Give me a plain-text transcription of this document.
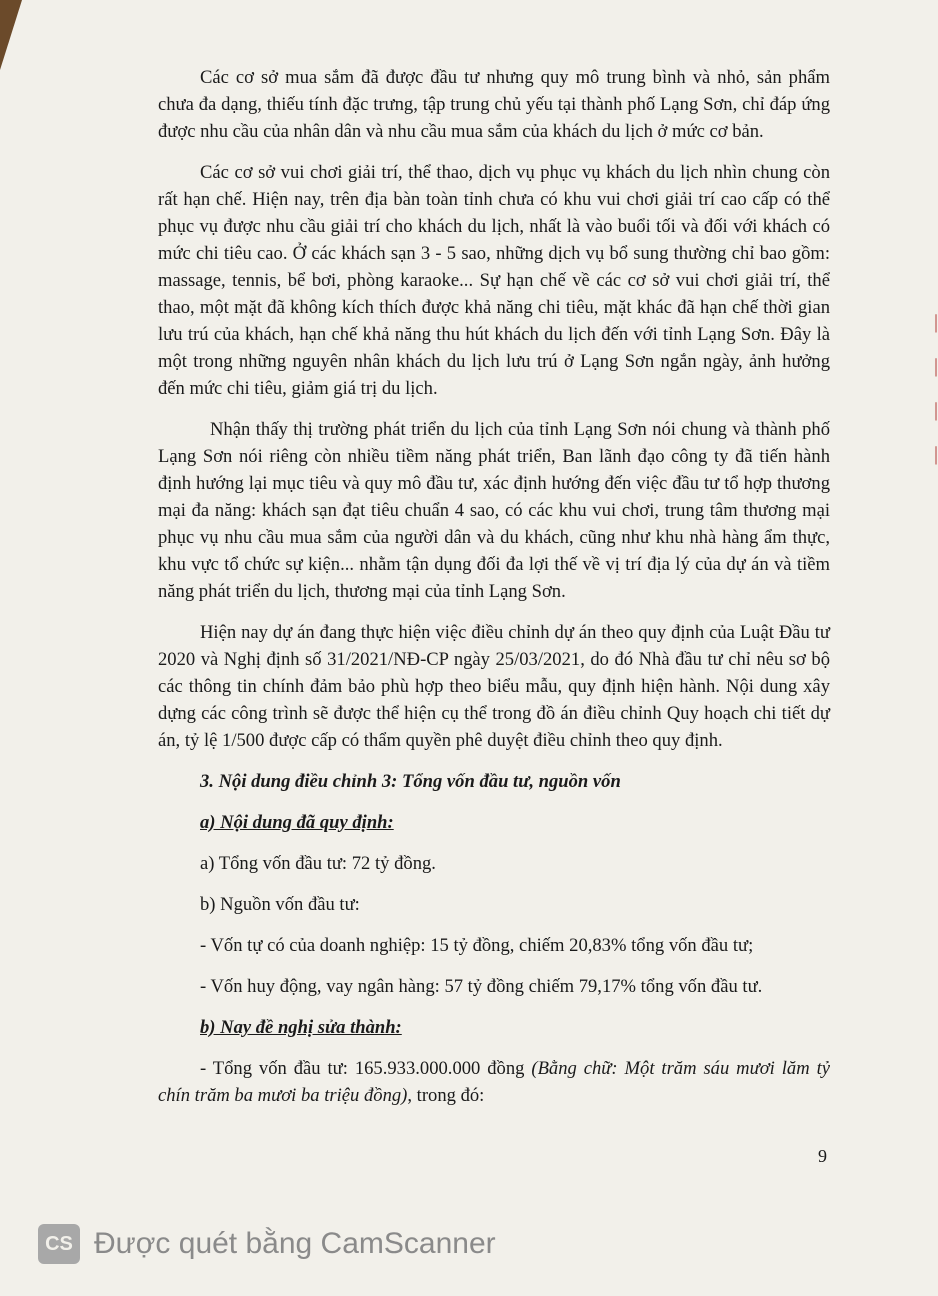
|
|
|
|

Các cơ sở mua sắm đã được đầu tư nhưng quy mô trung bình và nhỏ, sản phẩm chưa đa dạng, thiếu tính đặc trưng, tập trung chủ yếu tại thành phố Lạng Sơn, chỉ đáp ứng được nhu cầu của nhân dân và nhu cầu mua sắm của khách du lịch ở mức cơ bản.

Các cơ sở vui chơi giải trí, thể thao, dịch vụ phục vụ khách du lịch nhìn chung còn rất hạn chế. Hiện nay, trên địa bàn toàn tỉnh chưa có khu vui chơi giải trí cao cấp có thể phục vụ được nhu cầu giải trí cho khách du lịch, nhất là vào buổi tối và đối với khách có mức chi tiêu cao. Ở các khách sạn 3 - 5 sao, những dịch vụ bổ sung thường chỉ bao gồm: massage, tennis, bể bơi, phòng karaoke... Sự hạn chế về các cơ sở vui chơi giải trí, thể thao, một mặt đã không kích thích được khả năng chi tiêu, mặt khác đã hạn chế thời gian lưu trú của khách, hạn chế khả năng thu hút khách du lịch đến với tỉnh Lạng Sơn. Đây là một trong những nguyên nhân khách du lịch lưu trú ở Lạng Sơn ngắn ngày, ảnh hưởng đến mức chi tiêu, giảm giá trị du lịch.

Nhận thấy thị trường phát triển du lịch của tỉnh Lạng Sơn nói chung và thành phố Lạng Sơn nói riêng còn nhiều tiềm năng phát triển, Ban lãnh đạo công ty đã tiến hành định hướng lại mục tiêu và quy mô đầu tư, xác định hướng đến việc đầu tư tổ hợp thương mại đa năng: khách sạn đạt tiêu chuẩn 4 sao, có các khu vui chơi, trung tâm thương mại phục vụ nhu cầu mua sắm của người dân và du khách, cũng như khu nhà hàng ẩm thực, khu vực tổ chức sự kiện... nhằm tận dụng đối đa lợi thế về vị trí địa lý của dự án và tiềm năng phát triển du lịch, thương mại của tỉnh Lạng Sơn.

Hiện nay dự án đang thực hiện việc điều chỉnh dự án theo quy định của Luật Đầu tư 2020 và Nghị định số 31/2021/NĐ-CP ngày 25/03/2021, do đó Nhà đầu tư chỉ nêu sơ bộ các thông tin chính đảm bảo phù hợp theo biểu mẫu, quy định hiện hành. Nội dung xây dựng các công trình sẽ được thể hiện cụ thể trong đồ án điều chỉnh Quy hoạch chi tiết dự án, tỷ lệ 1/500 được cấp có thẩm quyền phê duyệt điều chỉnh theo quy định.

3. Nội dung điều chỉnh 3: Tổng vốn đầu tư, nguồn vốn

a) Nội dung đã quy định:

a) Tổng vốn đầu tư: 72 tỷ đồng.

b) Nguồn vốn đầu tư:

- Vốn tự có của doanh nghiệp: 15 tỷ đồng, chiếm 20,83% tổng vốn đầu tư;

- Vốn huy động, vay ngân hàng: 57 tỷ đồng chiếm 79,17% tổng vốn đầu tư.

b) Nay đề nghị sửa thành:

- Tổng vốn đầu tư: 165.933.000.000 đồng (Bằng chữ: Một trăm sáu mươi lăm tỷ chín trăm ba mươi ba triệu đồng), trong đó:

9
CS Được quét bằng CamScanner
